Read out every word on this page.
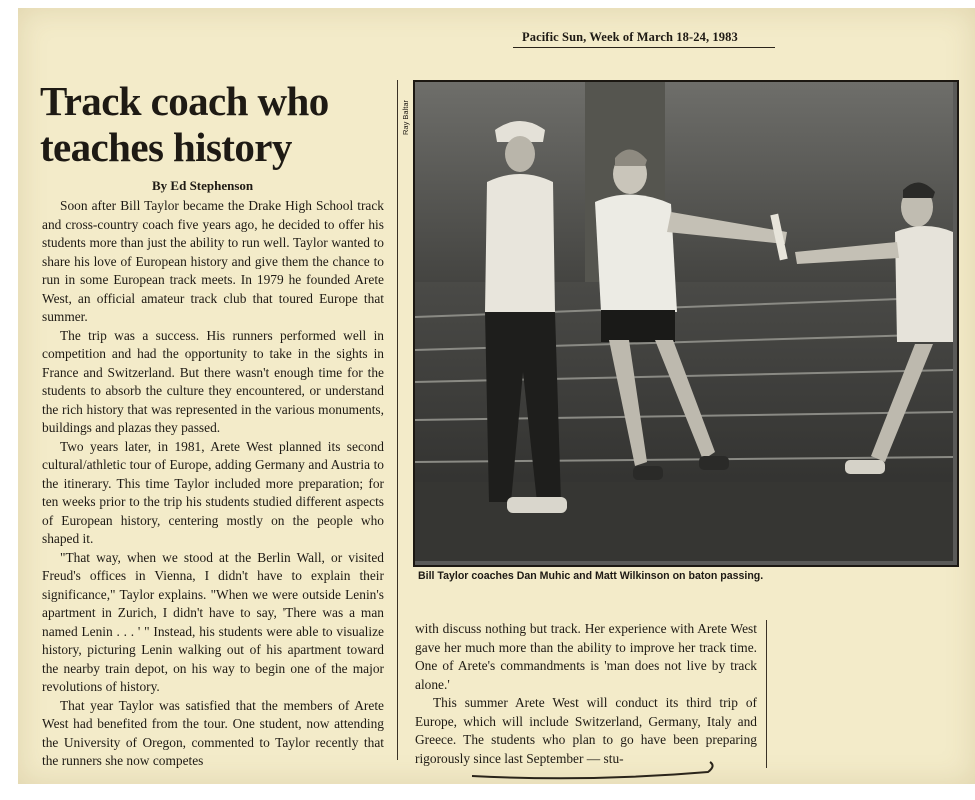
Pacific Sun, Week of March 18-24, 1983
Track coach who
teaches history
By Ed Stephenson

Soon after Bill Taylor became the Drake High School track and cross-country coach five years ago, he decided to offer his students more than just the ability to run well. Taylor wanted to share his love of European history and give them the chance to run in some European track meets. In 1979 he founded Arete West, an official amateur track club that toured Europe that summer.

The trip was a success. His runners performed well in competition and had the opportunity to take in the sights in France and Switzerland. But there wasn't enough time for the students to absorb the culture they encountered, or understand the rich history that was represented in the various monuments, buildings and plazas they passed.

Two years later, in 1981, Arete West planned its second cultural/athletic tour of Europe, adding Germany and Austria to the itinerary. This time Taylor included more preparation; for ten weeks prior to the trip his students studied different aspects of European history, centering mostly on the people who shaped it.

"That way, when we stood at the Berlin Wall, or visited Freud's offices in Vienna, I didn't have to explain their significance," Taylor explains. "When we were outside Lenin's apartment in Zurich, I didn't have to say, 'There was a man named Lenin . . . ' " Instead, his students were able to visualize history, picturing Lenin walking out of his apartment toward the nearby train depot, on his way to begin one of the major revolutions of history.

That year Taylor was satisfied that the members of Arete West had benefited from the tour. One student, now attending the University of Oregon, commented to Taylor recently that the runners she now competes

Ray Baltar
Bill Taylor coaches Dan Muhic and Matt Wilkinson on baton passing.

with discuss nothing but track. Her experience with Arete West gave her much more than the ability to improve her track time. One of Arete's commandments is 'man does not live by track alone.'

This summer Arete West will conduct its third trip of Europe, which will include Switzerland, Germany, Italy and Greece. The students who plan to go have been preparing rigorously since last September — stu-
